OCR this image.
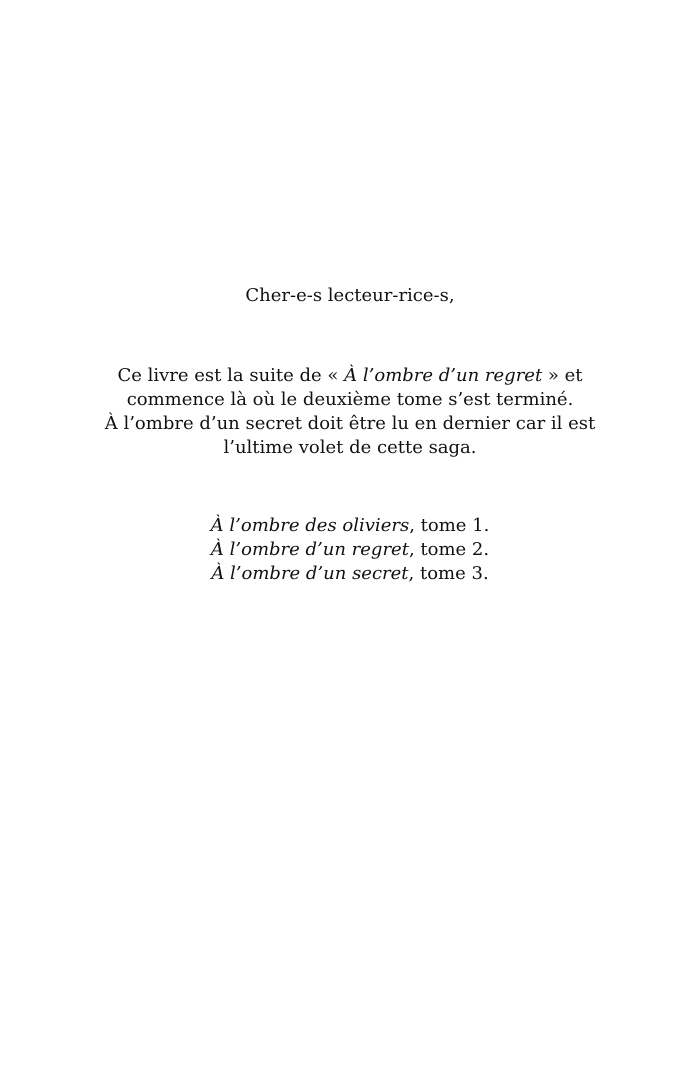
Cher-e-s lecteur-rice-s,
Ce livre est la suite de « À l’ombre d’un regret » et
commence là où le deuxième tome s’est terminé.
À l’ombre d’un secret doit être lu en dernier car il est
l’ultime volet de cette saga.
À l’ombre des oliviers, tome 1.
À l’ombre d’un regret, tome 2.
À l’ombre d’un secret, tome 3.
